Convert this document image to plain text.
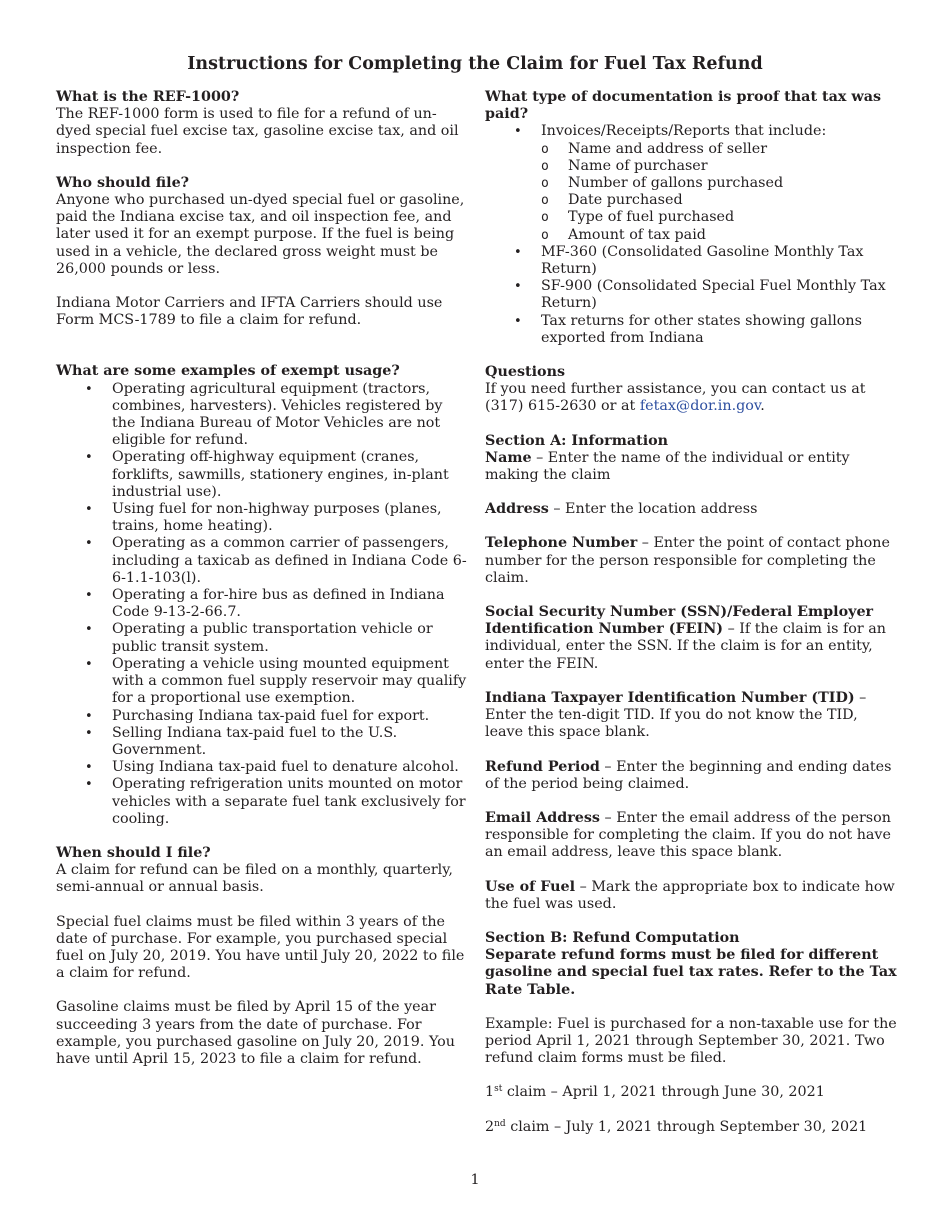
Instructions for Completing the Claim for Fuel Tax Refund

What is the REF-1000?

The REF-1000 form is used to file for a refund of un-dyed special fuel excise tax, gasoline excise tax, and oil inspection fee.

Who should file?

Anyone who purchased un-dyed special fuel or gasoline, paid the Indiana excise tax, and oil inspection fee, and later used it for an exempt purpose. If the fuel is being used in a vehicle, the declared gross weight must be 26,000 pounds or less.

Indiana Motor Carriers and IFTA Carriers should use Form MCS-1789 to file a claim for refund.

What are some examples of exempt usage?

• Operating agricultural equipment (tractors, combines, harvesters). Vehicles registered by the Indiana Bureau of Motor Vehicles are not eligible for refund.
• Operating off-highway equipment (cranes, forklifts, sawmills, stationery engines, in-plant industrial use).
• Using fuel for non-highway purposes (planes, trains, home heating).
• Operating as a common carrier of passengers, including a taxicab as defined in Indiana Code 6-6-1.1-103(l).
• Operating a for-hire bus as defined in Indiana Code 9-13-2-66.7.
• Operating a public transportation vehicle or public transit system.
• Operating a vehicle using mounted equipment with a common fuel supply reservoir may qualify for a proportional use exemption.
• Purchasing Indiana tax-paid fuel for export.
• Selling Indiana tax-paid fuel to the U.S. Government.
• Using Indiana tax-paid fuel to denature alcohol.
• Operating refrigeration units mounted on motor vehicles with a separate fuel tank exclusively for cooling.

When should I file?

A claim for refund can be filed on a monthly, quarterly, semi-annual or annual basis.

Special fuel claims must be filed within 3 years of the date of purchase. For example, you purchased special fuel on July 20, 2019. You have until July 20, 2022 to file a claim for refund.

Gasoline claims must be filed by April 15 of the year succeeding 3 years from the date of purchase. For example, you purchased gasoline on July 20, 2019. You have until April 15, 2023 to file a claim for refund.

What type of documentation is proof that tax was paid?

• Invoices/Receipts/Reports that include:
o Name and address of seller
o Name of purchaser
o Number of gallons purchased
o Date purchased
o Type of fuel purchased
o Amount of tax paid
• MF-360 (Consolidated Gasoline Monthly Tax Return)
• SF-900 (Consolidated Special Fuel Monthly Tax Return)
• Tax returns for other states showing gallons exported from Indiana

Questions

If you need further assistance, you can contact us at (317) 615-2630 or at fetax@dor.in.gov.

Section A: Information

Name – Enter the name of the individual or entity making the claim

Address – Enter the location address

Telephone Number – Enter the point of contact phone number for the person responsible for completing the claim.

Social Security Number (SSN)/Federal Employer Identification Number (FEIN) – If the claim is for an individual, enter the SSN. If the claim is for an entity, enter the FEIN.

Indiana Taxpayer Identification Number (TID) – Enter the ten-digit TID. If you do not know the TID, leave this space blank.

Refund Period – Enter the beginning and ending dates of the period being claimed.

Email Address – Enter the email address of the person responsible for completing the claim. If you do not have an email address, leave this space blank.

Use of Fuel – Mark the appropriate box to indicate how the fuel was used.

Section B: Refund Computation

Separate refund forms must be filed for different gasoline and special fuel tax rates. Refer to the Tax Rate Table.

Example: Fuel is purchased for a non-taxable use for the period April 1, 2021 through September 30, 2021. Two refund claim forms must be filed.

1st claim – April 1, 2021 through June 30, 2021

2nd claim – July 1, 2021 through September 30, 2021

1
